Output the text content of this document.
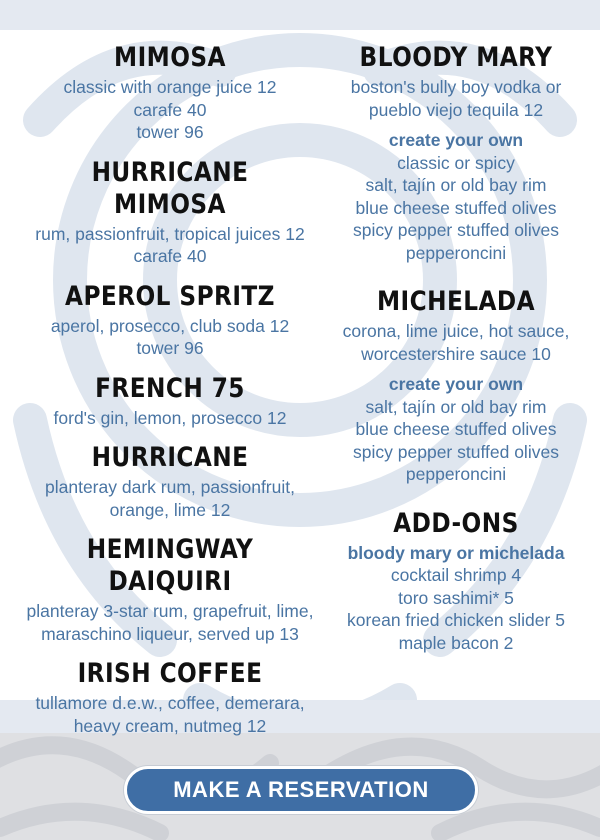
MIMOSA
classic with orange juice 12
carafe 40
tower 96
HURRICANE MIMOSA
rum, passionfruit, tropical juices 12
carafe 40
APEROL SPRITZ
aperol, prosecco, club soda 12
tower 96
FRENCH 75
ford's gin, lemon, prosecco 12
HURRICANE
planteray dark rum, passionfruit,
orange, lime 12
HEMINGWAY DAIQUIRI
planteray 3-star rum, grapefruit, lime,
maraschino liqueur, served up 13
IRISH COFFEE
tullamore d.e.w., coffee, demerara,
heavy cream, nutmeg 12
BLOODY MARY
boston's bully boy vodka or
pueblo viejo tequila 12
create your own
classic or spicy
salt, tajín or old bay rim
blue cheese stuffed olives
spicy pepper stuffed olives
pepperoncini
MICHELADA
corona, lime juice, hot sauce,
worcestershire sauce 10
create your own
salt, tajín or old bay rim
blue cheese stuffed olives
spicy pepper stuffed olives
pepperoncini
ADD-ONS
bloody mary or michelada
cocktail shrimp 4
toro sashimi* 5
korean fried chicken slider 5
maple bacon 2
MAKE A RESERVATION
